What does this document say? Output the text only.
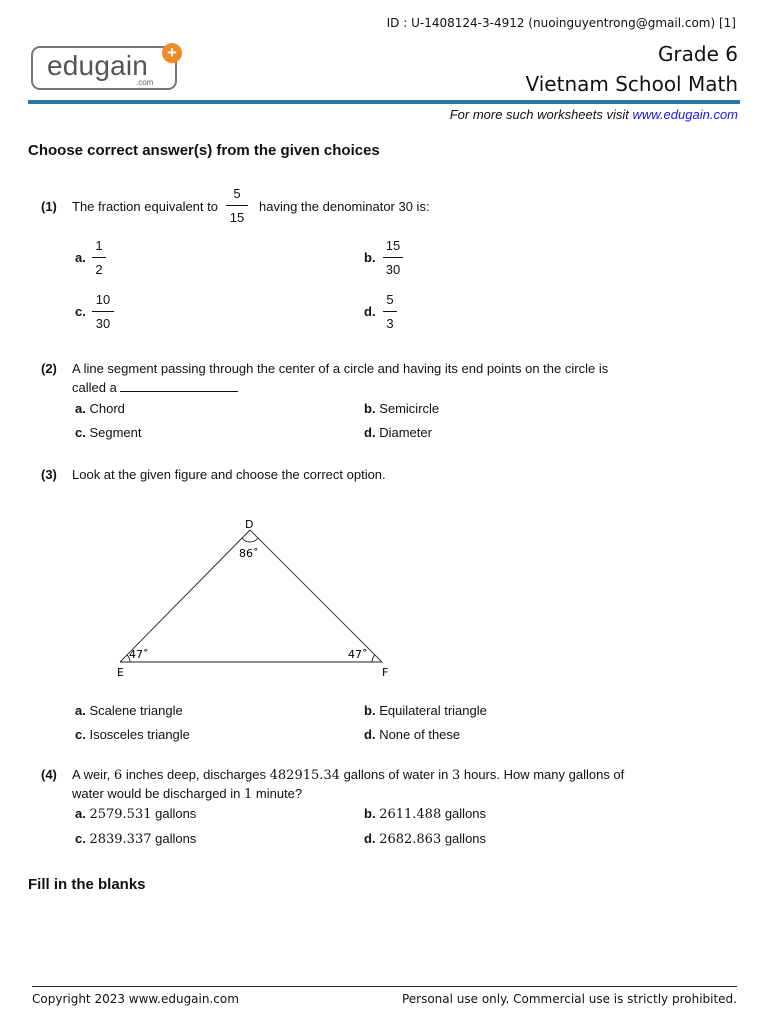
ID : U-1408124-3-4912 (nuoinguyentrong@gmail.com) [1]
edugain
.com
+	Grade 6
Vietnam School Math
For more such worksheets visit www.edugain.com
Choose correct answer(s) from the given choices
(1) The fraction equivalent to
5
15
having the denominator 30 is:
a.
1
2
b.
15
30
c.
10
30
d.
5
3
(2) A line segment passing through the center of a circle and having its end points on the circle is
called a
a. Chord	b. Semicircle
c. Segment	d. Diameter
(3) Look at the given figure and choose the correct option.
D
86˚
47˚	47˚
E	F
a. Scalene triangle	b. Equilateral triangle
c. Isosceles triangle	d. None of these
(4) A weir, 6 inches deep, discharges 482915.34 gallons of water in 3 hours. How many gallons of
water would be discharged in 1 minute?
a. 2579.531 gallons	b. 2611.488 gallons
c. 2839.337 gallons	d. 2682.863 gallons
Fill in the blanks
Copyright 2023 www.edugain.com	Personal use only. Commercial use is strictly prohibited.
